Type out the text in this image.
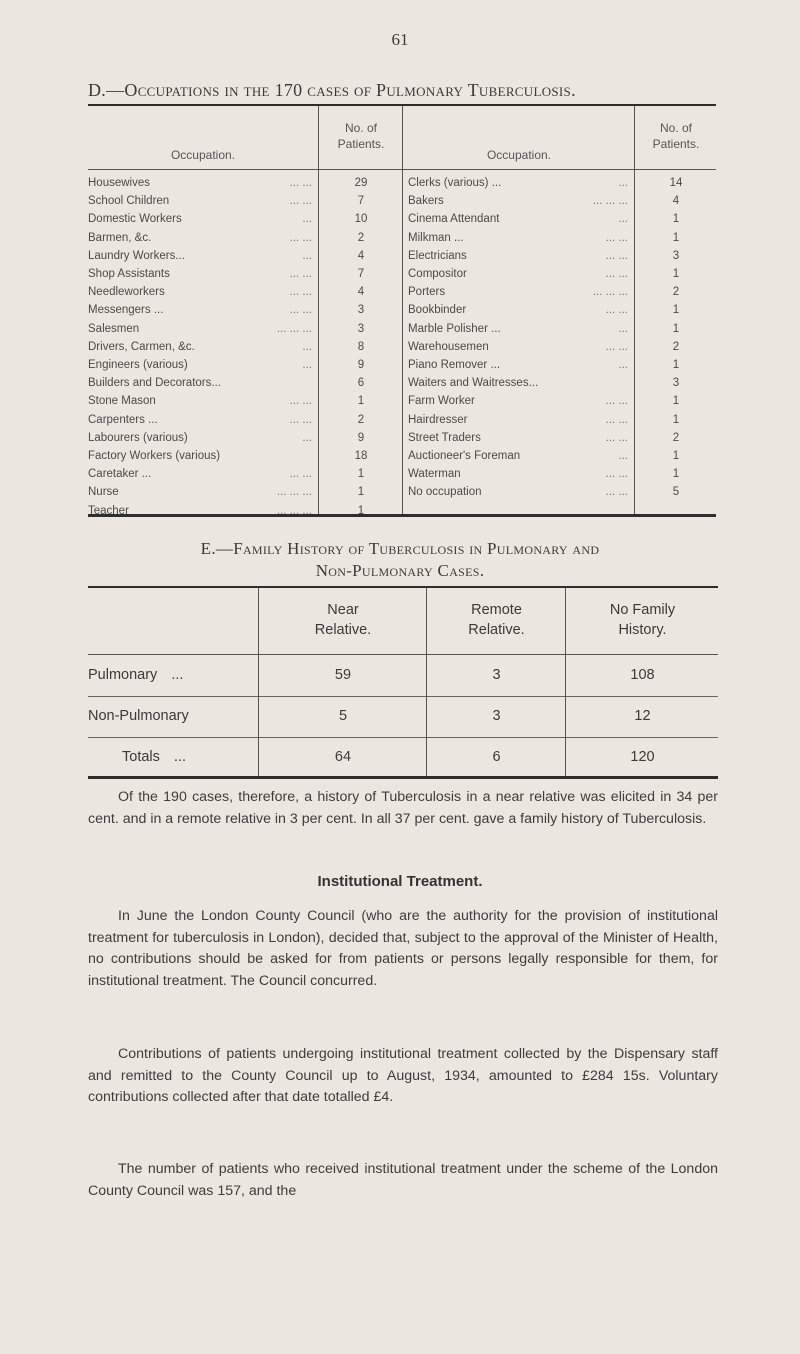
61
D.—Occupations in the 170 cases of Pulmonary Tuberculosis.
Occupation.
No. of Patients.
Occupation.
No. of Patients.
Housewives	... ...	29
School Children	... ...	7
Domestic Workers	...	10
Barmen, &c.	... ...	2
Laundry Workers...	...	4
Shop Assistants	... ...	7
Needleworkers	... ...	4
Messengers ...	... ...	3
Salesmen	... ... ...	3
Drivers, Carmen, &c.	...	8
Engineers (various)	...	9
Builders and Decorators...	6
Stone Mason	... ...	1
Carpenters ...	... ...	2
Labourers (various)	...	9
Factory Workers (various)	18
Caretaker ...	... ...	1
Nurse	... ... ...	1
Teacher	... ... ...	1
Clerks (various) ...	...	14
Bakers	... ... ...	4
Cinema Attendant	...	1
Milkman ...	... ...	1
Electricians	... ...	3
Compositor	... ...	1
Porters	... ... ...	2
Bookbinder	... ...	1
Marble Polisher ...	...	1
Warehousemen	... ...	2
Piano Remover ...	...	1
Waiters and Waitresses...	3
Farm Worker	... ...	1
Hairdresser	... ...	1
Street Traders	... ...	2
Auctioneer's Foreman	...	1
Waterman	... ...	1
No occupation	... ...	5
E.—Family History of Tuberculosis in Pulmonary and
Non-Pulmonary Cases.
Near Relative.
Remote Relative.
No Family History.
Pulmonary ...	59	3	108
Non-Pulmonary	5	3	12
Totals ...	64	6	120
Of the 190 cases, therefore, a history of Tuberculosis in a near relative was elicited in 34 per cent. and in a remote relative in 3 per cent. In all 37 per cent. gave a family history of Tuberculosis.
Institutional Treatment.
In June the London County Council (who are the authority for the provision of institutional treatment for tuberculosis in London), decided that, subject to the approval of the Minister of Health, no contributions should be asked for from patients or persons legally responsible for them, for institutional treatment. The Council concurred.
Contributions of patients undergoing institutional treatment collected by the Dispensary staff and remitted to the County Council up to August, 1934, amounted to £284 15s. Voluntary contributions collected after that date totalled £4.
The number of patients who received institutional treatment under the scheme of the London County Council was 157, and the
